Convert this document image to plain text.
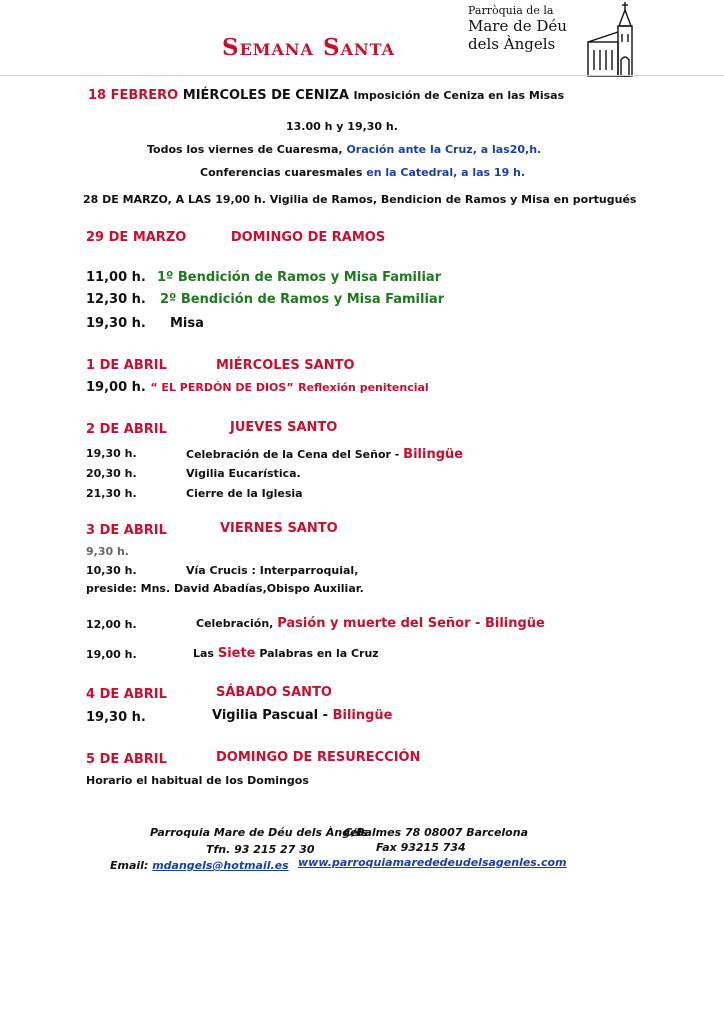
Semana Santa
Parròquia de la
Mare de Déu
dels Àngels
18 FEBRERO MIÉRCOLES DE CENIZA Imposición de Ceniza en las Misas
13.00 h y 19,30 h.
Todos los viernes de Cuaresma, Oración ante la Cruz, a las20,h.
Conferencias cuaresmales en la Catedral, a las 19 h.
28 DE MARZO, A LAS 19,00 h. Vigilia de Ramos, Bendicion de Ramos y Misa en portugués
29 DE MARZO	DOMINGO DE RAMOS
11,00 h. 1º Bendición de Ramos y Misa Familiar
12,30 h. 2º Bendición de Ramos y Misa Familiar
19,30 h. Misa
1 DE ABRIL	MIÉRCOLES SANTO
19,00 h. “ EL PERDÓN DE DIOS” Reflexión penitencial
2 DE ABRIL	JUEVES SANTO
19,30 h.	Celebración de la Cena del Señor - Bilingüe
20,30 h.	Vigilia Eucarística.
21,30 h.	Cierre de la Iglesia
3 DE ABRIL	VIERNES SANTO
9,30 h.
10,30 h.	Vía Crucis : Interparroquial,
preside: Mns. David Abadías,Obispo Auxiliar.
12,00 h.	Celebración, Pasión y muerte del Señor - Bilingüe
19,00 h.	Las Siete Palabras en la Cruz
4 DE ABRIL	SÁBADO SANTO
19,30 h.	Vigilia Pascual - Bilingüe
5 DE ABRIL	DOMINGO DE RESURECCIÓN
Horario el habitual de los Domingos
Parroquia Mare de Déu dels Àngels
C/Balmes 78 08007 Barcelona
Tfn. 93 215 27 30	Fax 93215 734
Email: mdangels@hotmail.es www.parroquiamaredede​udelsagenles.com
